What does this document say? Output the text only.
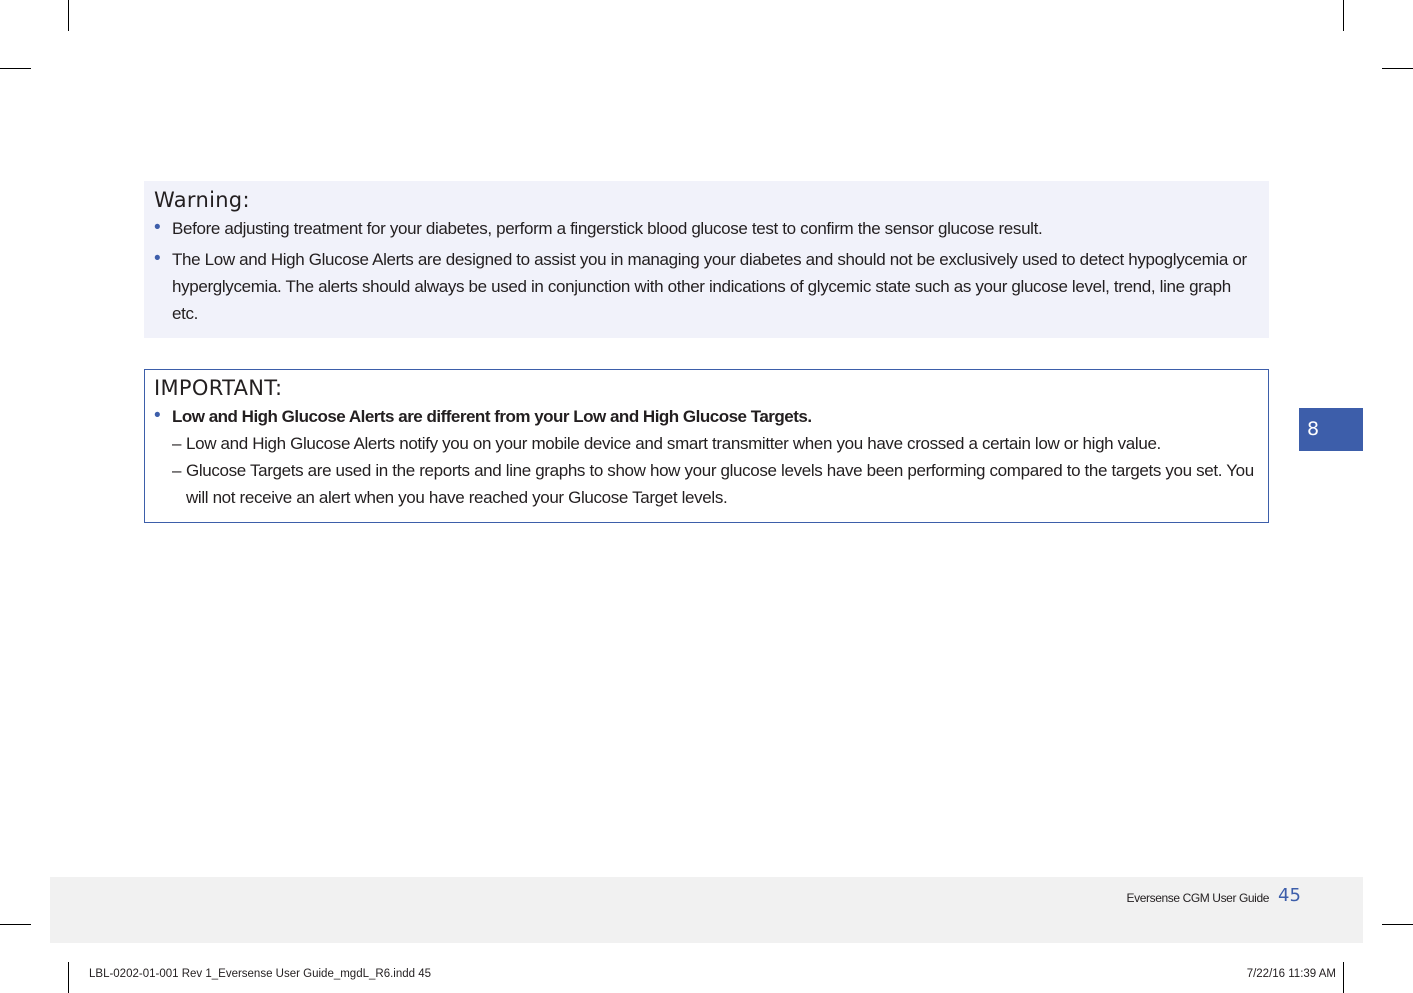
Warning:
• Before adjusting treatment for your diabetes, perform a fingerstick blood glucose test to confirm the sensor glucose result.
• The Low and High Glucose Alerts are designed to assist you in managing your diabetes and should not be exclusively used to detect hypoglycemia or hyperglycemia. The alerts should always be used in conjunction with other indications of glycemic state such as your glucose level, trend, line graph etc.
IMPORTANT:
• Low and High Glucose Alerts are different from your Low and High Glucose Targets.
– Low and High Glucose Alerts notify you on your mobile device and smart transmitter when you have crossed a certain low or high value.
– Glucose Targets are used in the reports and line graphs to show how your glucose levels have been performing compared to the targets you set. You will not receive an alert when you have reached your Glucose Target levels.
8
Eversense CGM User Guide 45
LBL-0202-01-001 Rev 1_Eversense User Guide_mgdL_R6.indd 45	7/22/16 11:39 AM
